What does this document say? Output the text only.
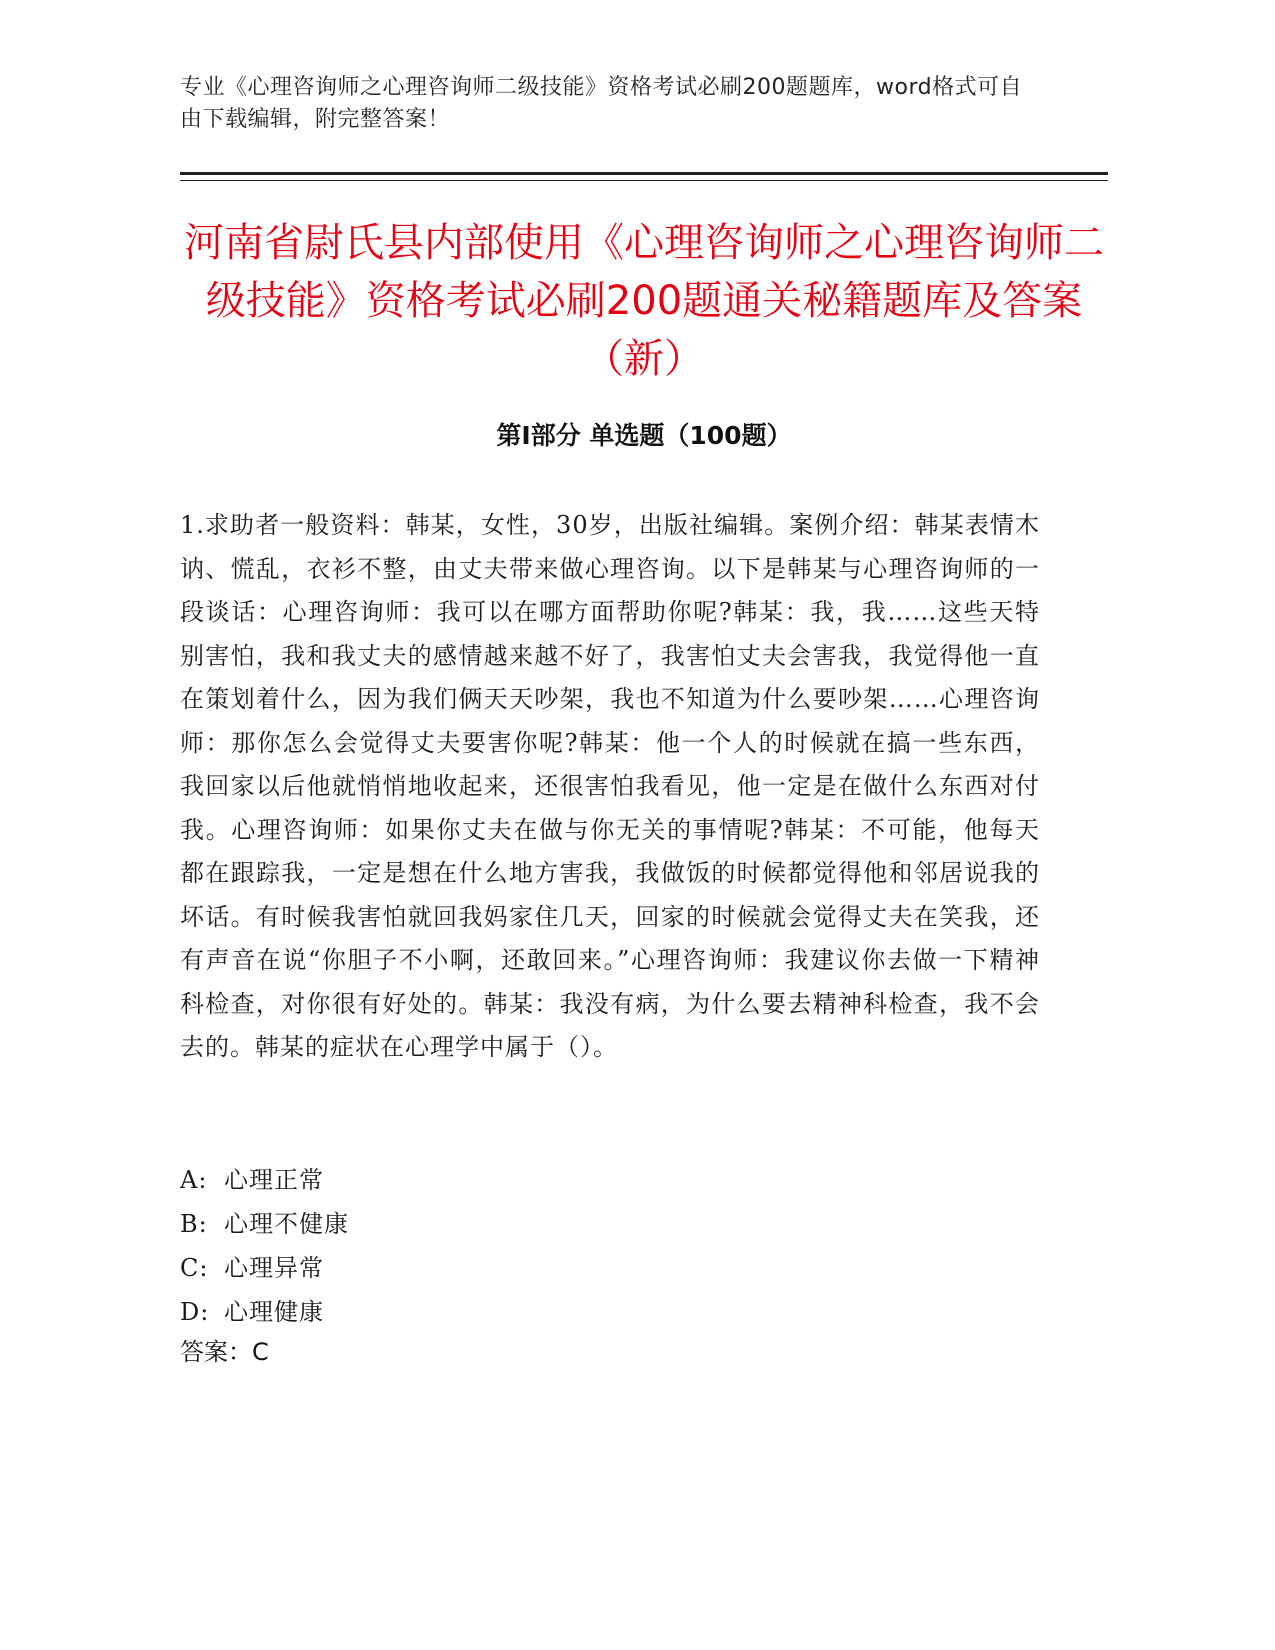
专业《心理咨询师之心理咨询师二级技能》资格考试必刷200题题库，word格式可自由下载编辑，附完整答案！
河南省尉氏县内部使用《心理咨询师之心理咨询师二级技能》资格考试必刷200题通关秘籍题库及答案（新）
第Ⅰ部分 单选题（100题）
1.求助者一般资料：韩某，女性，30岁，出版社编辑。案例介绍：韩某表情木讷、慌乱，衣衫不整，由丈夫带来做心理咨询。以下是韩某与心理咨询师的一段谈话：心理咨询师：我可以在哪方面帮助你呢?韩某：我，我……这些天特别害怕，我和我丈夫的感情越来越不好了，我害怕丈夫会害我，我觉得他一直在策划着什么，因为我们俩天天吵架，我也不知道为什么要吵架……心理咨询师：那你怎么会觉得丈夫要害你呢?韩某：他一个人的时候就在搞一些东西，我回家以后他就悄悄地收起来，还很害怕我看见，他一定是在做什么东西对付我。心理咨询师：如果你丈夫在做与你无关的事情呢?韩某：不可能，他每天都在跟踪我，一定是想在什么地方害我，我做饭的时候都觉得他和邻居说我的坏话。有时候我害怕就回我妈家住几天，回家的时候就会觉得丈夫在笑我，还有声音在说“你胆子不小啊，还敢回来。”心理咨询师：我建议你去做一下精神科检查，对你很有好处的。韩某：我没有病，为什么要去精神科检查，我不会去的。韩某的症状在心理学中属于（）。
A: 心理正常
B: 心理不健康
C: 心理异常
D: 心理健康
答案：C
